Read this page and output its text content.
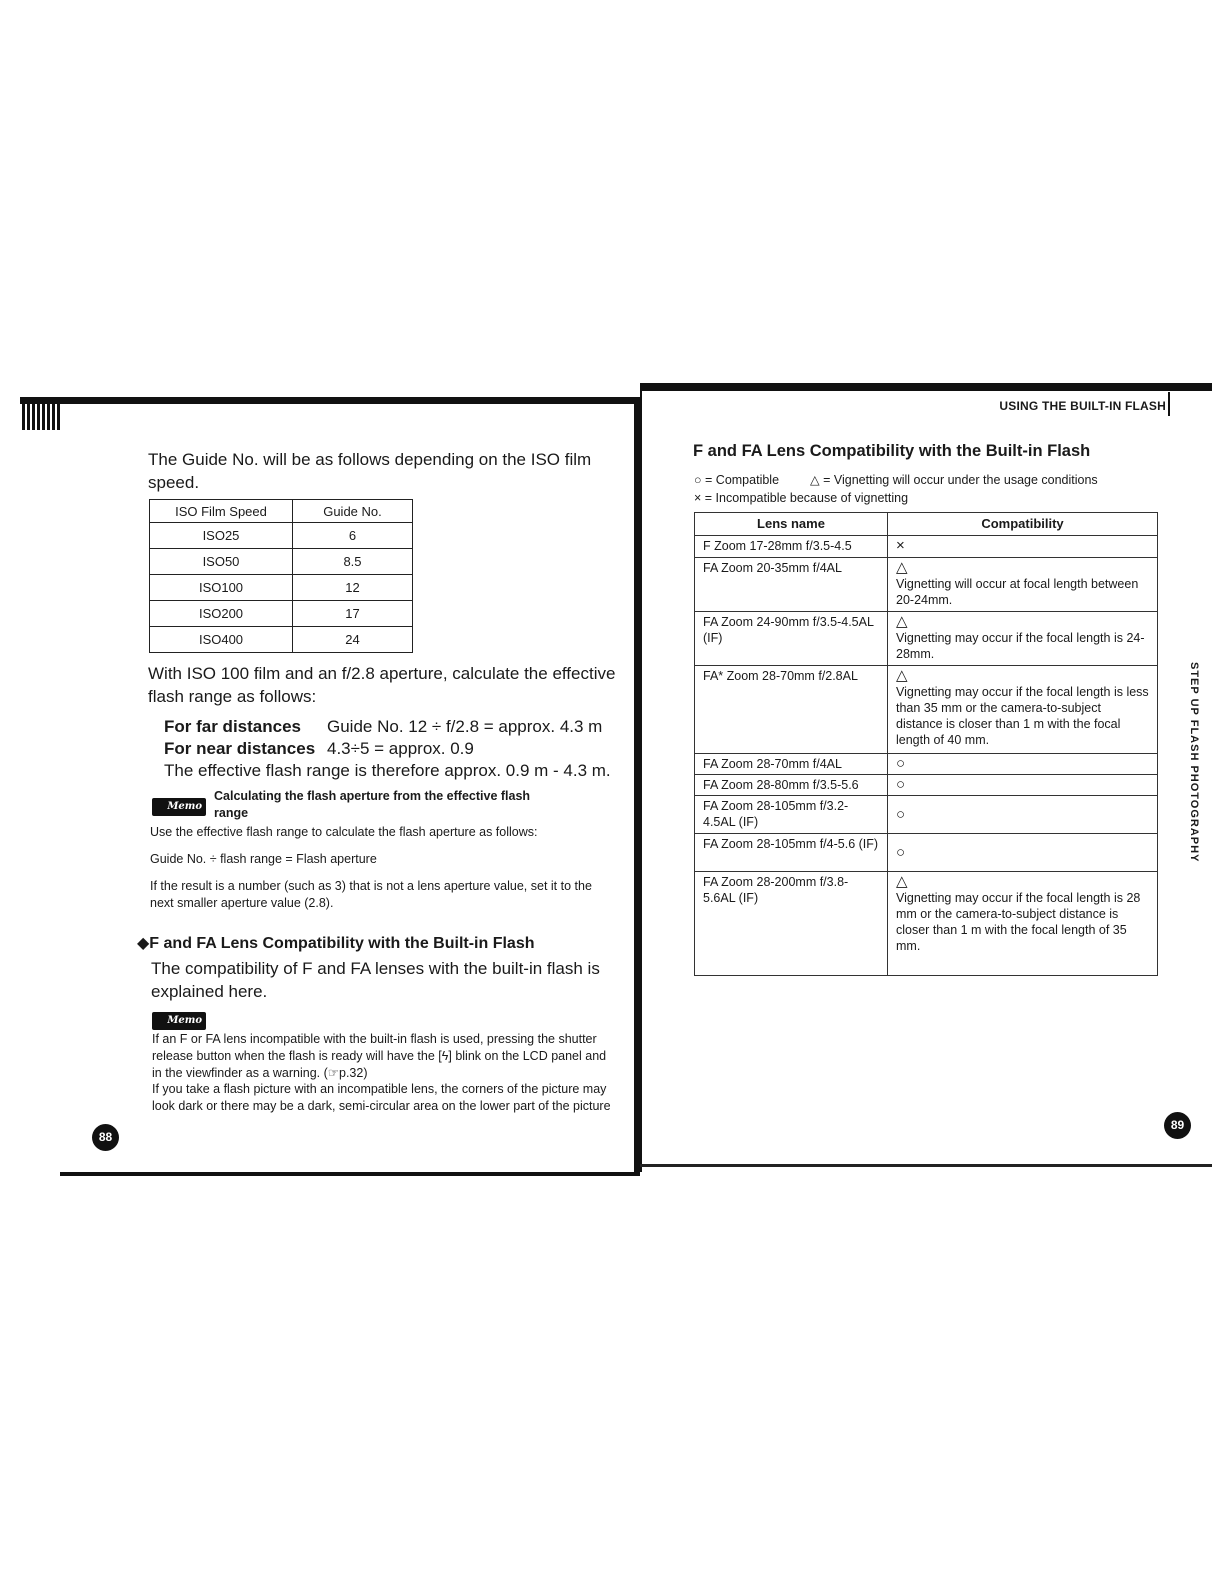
USING THE BUILT-IN FLASH
The Guide No. will be as follows depending on the ISO film speed.
ISO Film Speed	Guide No.
ISO25	6
ISO50	8.5
ISO100	12
ISO200	17
ISO400	24
With ISO 100 film and an f/2.8 aperture, calculate the effective flash range as follows:
For far distances Guide No. 12 ÷ f/2.8 = approx. 4.3 m
For near distances 4.3÷5 = approx. 0.9
The effective flash range is therefore approx. 0.9 m - 4.3 m.
Memo
Calculating the flash aperture from the effective flash
range
Use the effective flash range to calculate the flash aperture as follows:
Guide No. ÷ flash range = Flash aperture
If the result is a number (such as 3) that is not a lens aperture value, set it to the next smaller aperture value (2.8).
◆F and FA Lens Compatibility with the Built-in Flash
The compatibility of F and FA lenses with the built-in flash is explained here.
Memo
If an F or FA lens incompatible with the built-in flash is used, pressing the shutter release button when the flash is ready will have the [ϟ] blink on the LCD panel and in the viewfinder as a warning. (☞p.32)
If you take a flash picture with an incompatible lens, the corners of the picture may look dark or there may be a dark, semi-circular area on the lower part of the picture
88
F and FA Lens Compatibility with the Built-in Flash
○ = Compatible △ = Vignetting will occur under the usage conditions
× = Incompatible because of vignetting
Lens name	Compatibility
F Zoom 17-28mm f/3.5-4.5	×

FA Zoom 20-35mm f/4AL	△
Vignetting will occur at focal length between 20-24mm.

FA Zoom 24-90mm f/3.5-4.5AL (IF)	△
Vignetting may occur if the focal length is 24-28mm.

FA* Zoom 28-70mm f/2.8AL	△
Vignetting may occur if the focal length is less than 35 mm or the camera-to-subject distance is closer than 1 m with the focal length of 40 mm.

FA Zoom 28-70mm f/4AL	○

FA Zoom 28-80mm f/3.5-5.6	○

FA Zoom 28-105mm f/3.2-4.5AL (IF)	○

FA Zoom 28-105mm f/4-5.6 (IF)	○

FA Zoom 28-200mm f/3.8-5.6AL (IF)	△
Vignetting may occur if the focal length is 28 mm or the camera-to-subject distance is closer than 1 m with the focal length of 35 mm.
STEP UP FLASH PHOTOGRAPHY
89
